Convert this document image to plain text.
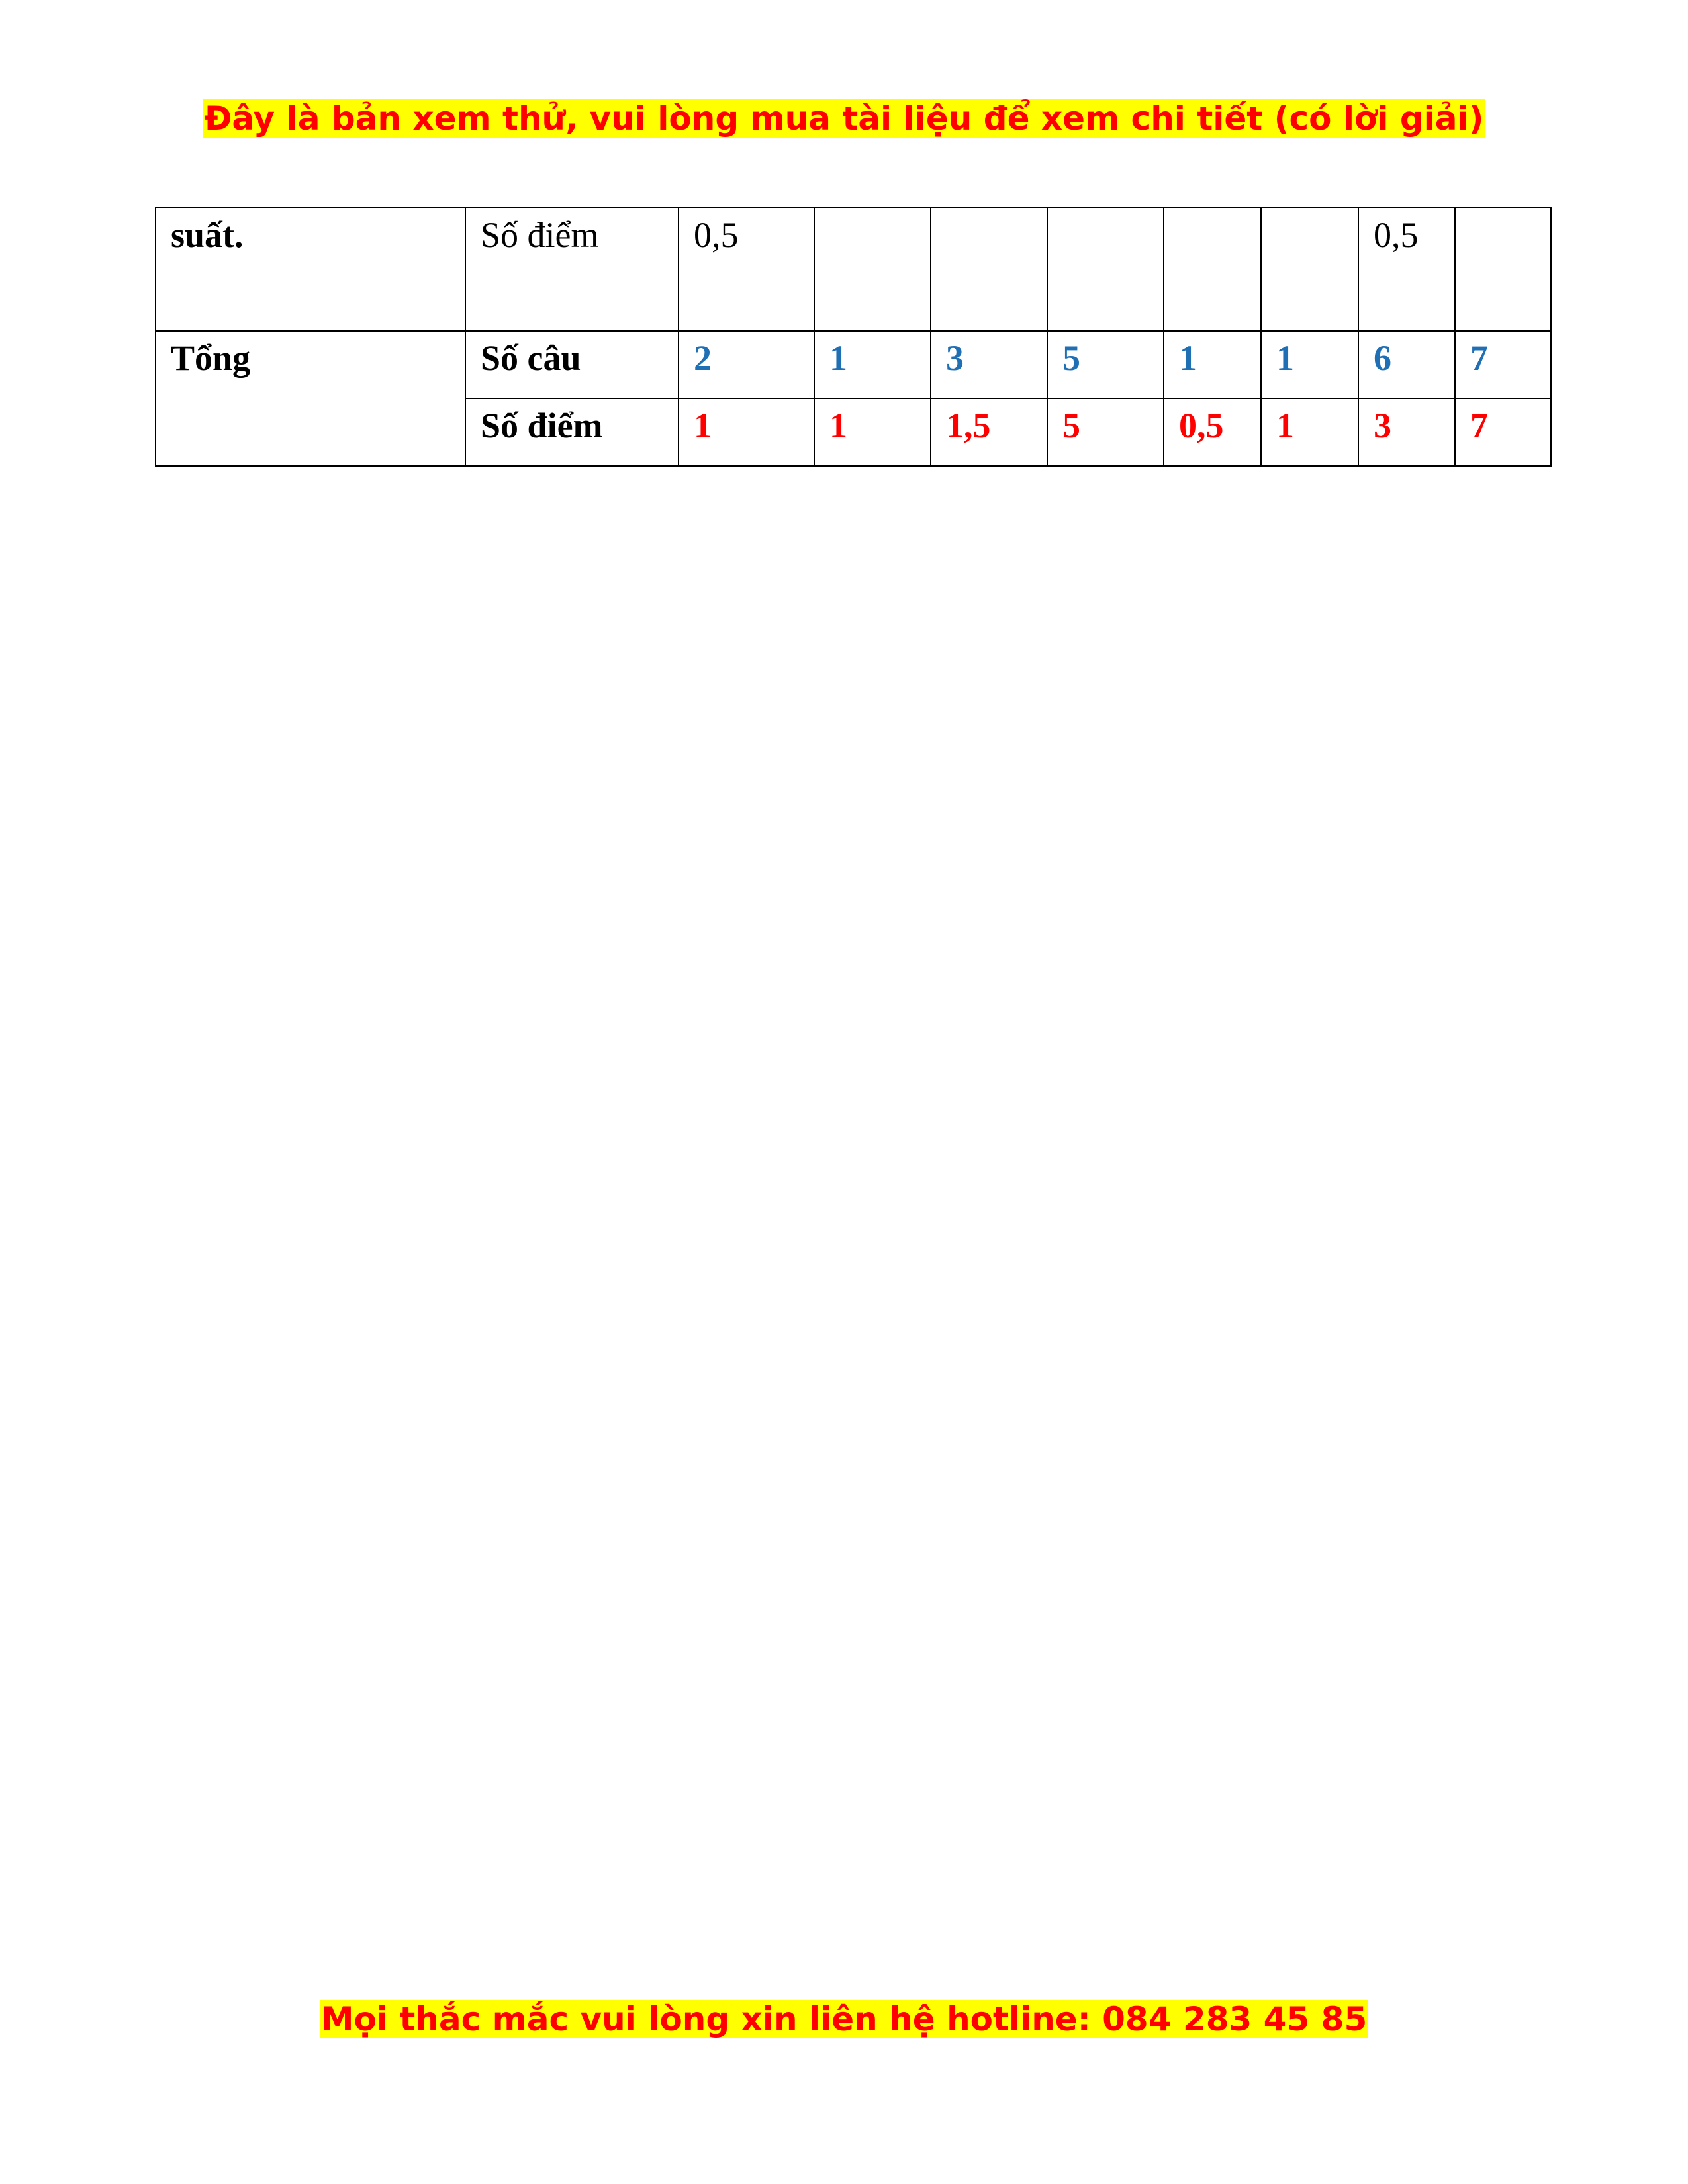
Đây là bản xem thử, vui lòng mua tài liệu để xem chi tiết (có lời giải)
suất.	Số điểm	0,5						0,5	
Tổng	Số câu	2	1	3	5	1	1	6	7
	Số điểm	1	1	1,5	5	0,5	1	3	7
Mọi thắc mắc vui lòng xin liên hệ hotline: 084 283 45 85
